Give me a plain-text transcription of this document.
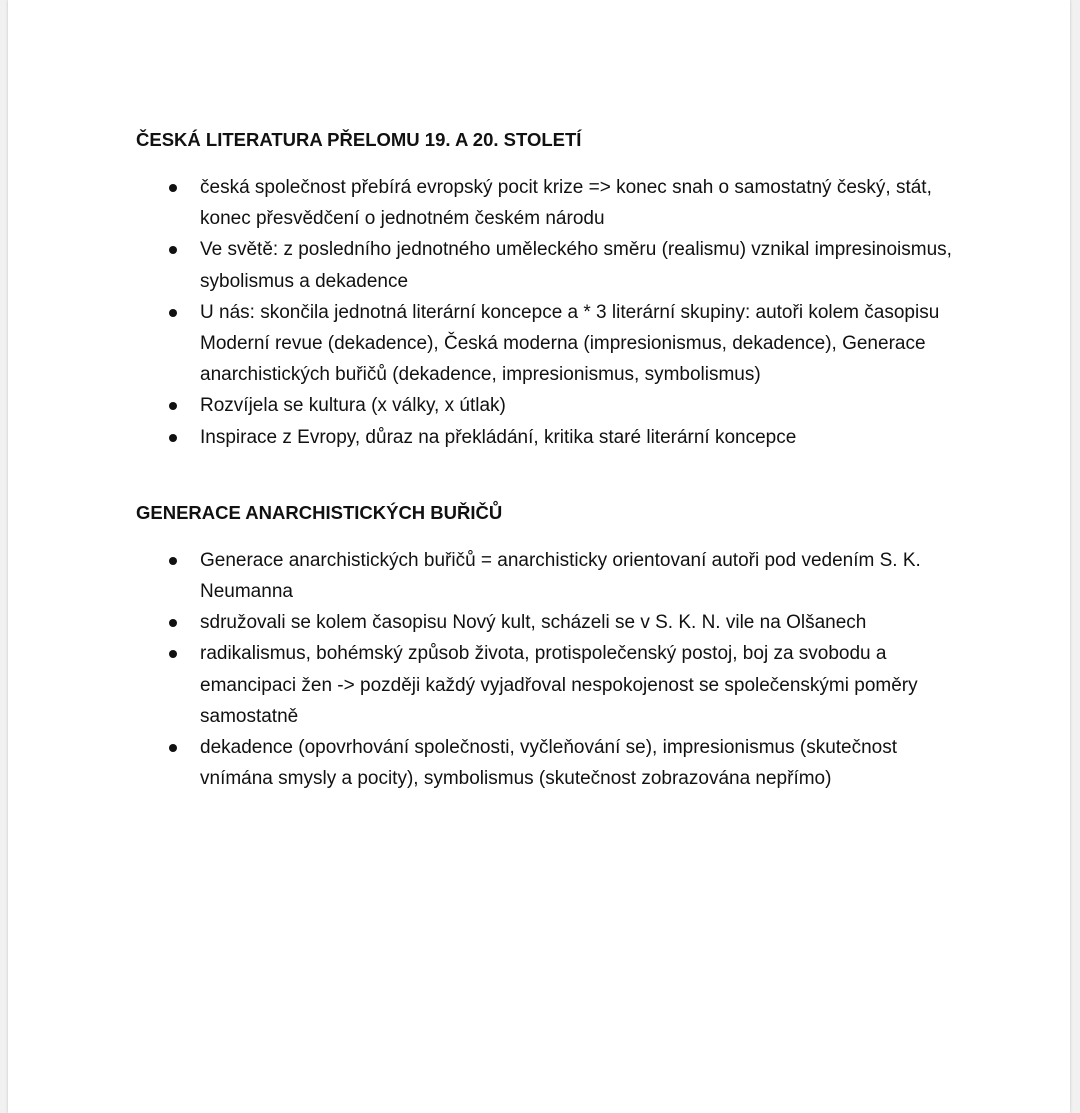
ČESKÁ LITERATURA PŘELOMU 19. A 20. STOLETÍ
česká společnost přebírá evropský pocit krize => konec snah o samostatný český, stát, konec přesvědčení o jednotném českém národu
Ve světě: z posledního jednotného uměleckého směru (realismu) vznikal impresinoismus, sybolismus a dekadence
U nás: skončila jednotná literární koncepce a * 3 literární skupiny: autoři kolem časopisu Moderní revue (dekadence), Česká moderna (impresionismus, dekadence), Generace anarchistických buřičů (dekadence, impresionismus, symbolismus)
Rozvíjela se kultura (x války, x útlak)
Inspirace z Evropy, důraz na překládání, kritika staré literární koncepce
GENERACE ANARCHISTICKÝCH BUŘIČŮ
Generace anarchistických buřičů = anarchisticky orientovaní autoři pod vedením S. K. Neumanna
sdružovali se kolem časopisu Nový kult, scházeli se v S. K. N. vile na Olšanech
radikalismus, bohémský způsob života, protispolečenský postoj, boj za svobodu a emancipaci žen -> později každý vyjadřoval nespokojenost se společenskými poměry samostatně
dekadence (opovrhování společnosti, vyčleňování se), impresionismus (skutečnost vnímána smysly a pocity), symbolismus (skutečnost zobrazována nepřímo)
